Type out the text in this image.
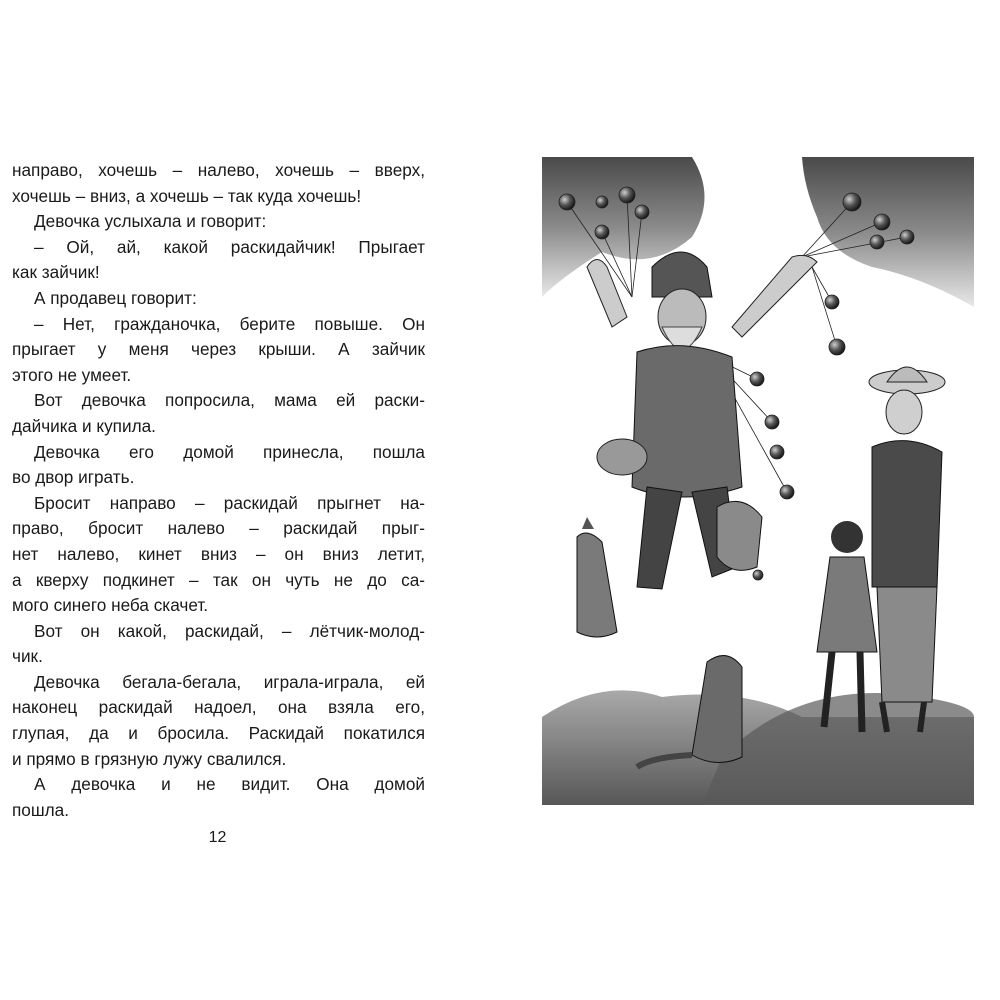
направо, хочешь – налево, хочешь – вверх,
хочешь – вниз, а хочешь – так куда хочешь!
Девочка услыхала и говорит:
– Ой, ай, какой раскидайчик! Прыгает
как зайчик!
А продавец говорит:
– Нет, гражданочка, берите повыше. Он
прыгает у меня через крыши. А зайчик
этого не умеет.
Вот девочка попросила, мама ей раски-
дайчика и купила.
Девочка его домой принесла, пошла
во двор играть.
Бросит направо – раскидай прыгнет на-
право, бросит налево – раскидай прыг-
нет налево, кинет вниз – он вниз летит,
а кверху подкинет – так он чуть не до са-
мого синего неба скачет.
Вот он какой, раскидай, – лётчик-молод-
чик.
Девочка бегала-бегала, играла-играла, ей
наконец раскидай надоел, она взяла его,
глупая, да и бросила. Раскидай покатился
и прямо в грязную лужу свалился.
А девочка и не видит. Она домой
пошла.
12
